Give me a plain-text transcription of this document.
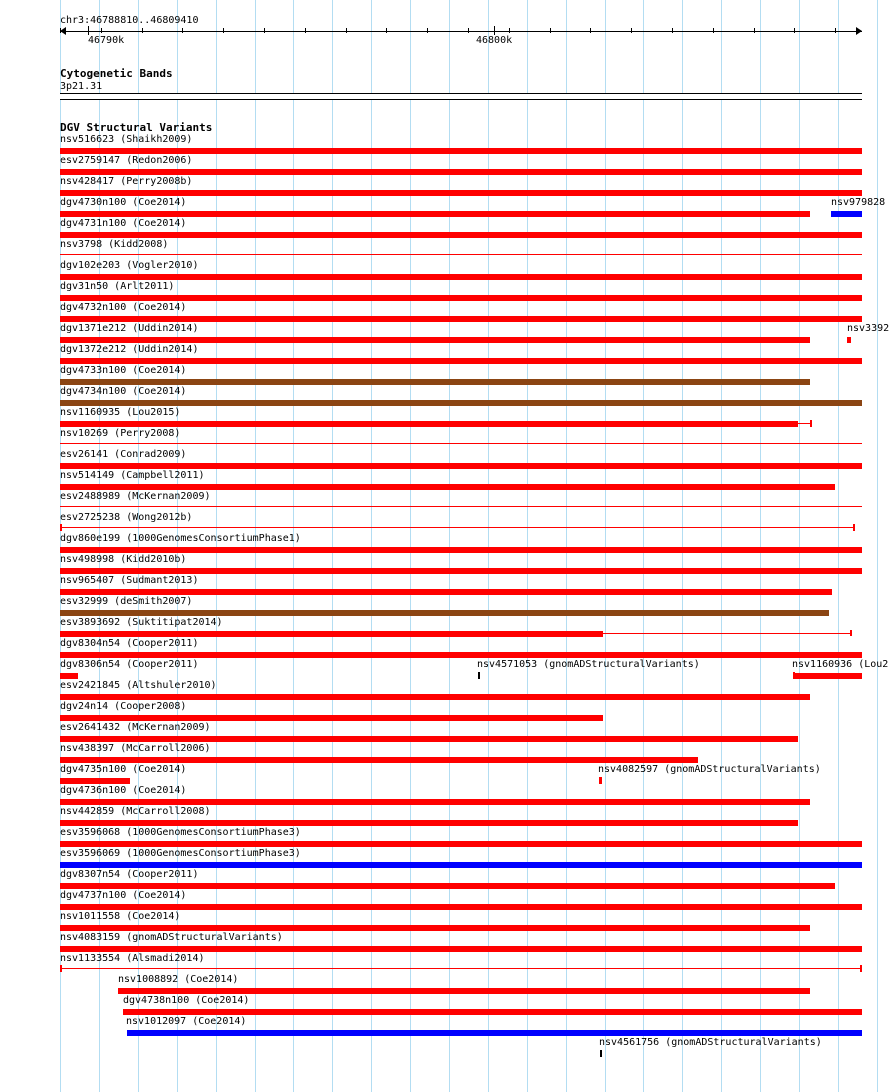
chr3:46788810..46809410
46790k	46800k
Cytogenetic Bands
3p21.31
DGV Structural Variants
nsv516623 (Shaikh2009)
esv2759147 (Redon2006)
nsv428417 (Perry2008b)
dgv4730n100 (Coe2014)	nsv979828
dgv4731n100 (Coe2014)
nsv3798 (Kidd2008)
dgv102e203 (Vogler2010)
dgv31n50 (Arlt2011)
dgv4732n100 (Coe2014)
dgv1371e212 (Uddin2014)	nsv3392
dgv1372e212 (Uddin2014)
dgv4733n100 (Coe2014)
dgv4734n100 (Coe2014)
nsv1160935 (Lou2015)
nsv10269 (Perry2008)
esv26141 (Conrad2009)
nsv514149 (Campbell2011)
esv2488989 (McKernan2009)
esv2725238 (Wong2012b)
dgv860e199 (1000GenomesConsortiumPhase1)
nsv498998 (Kidd2010b)
nsv965407 (Sudmant2013)
esv32999 (deSmith2007)
esv3893692 (Suktitipat2014)
dgv8304n54 (Cooper2011)
dgv8306n54 (Cooper2011)	nsv4571053 (gnomADStructuralVariants)	nsv1160936 (Lou2
esv2421845 (Altshuler2010)
dgv24n14 (Cooper2008)
esv2641432 (McKernan2009)
nsv438397 (McCarroll2006)
dgv4735n100 (Coe2014)	nsv4082597 (gnomADStructuralVariants)
dgv4736n100 (Coe2014)
nsv442859 (McCarroll2008)
esv3596068 (1000GenomesConsortiumPhase3)
esv3596069 (1000GenomesConsortiumPhase3)
dgv8307n54 (Cooper2011)
dgv4737n100 (Coe2014)
nsv1011558 (Coe2014)
nsv4083159 (gnomADStructuralVariants)
nsv1133554 (Alsmadi2014)
nsv1008892 (Coe2014)
dgv4738n100 (Coe2014)
nsv1012097 (Coe2014)
nsv4561756 (gnomADStructuralVariants)
